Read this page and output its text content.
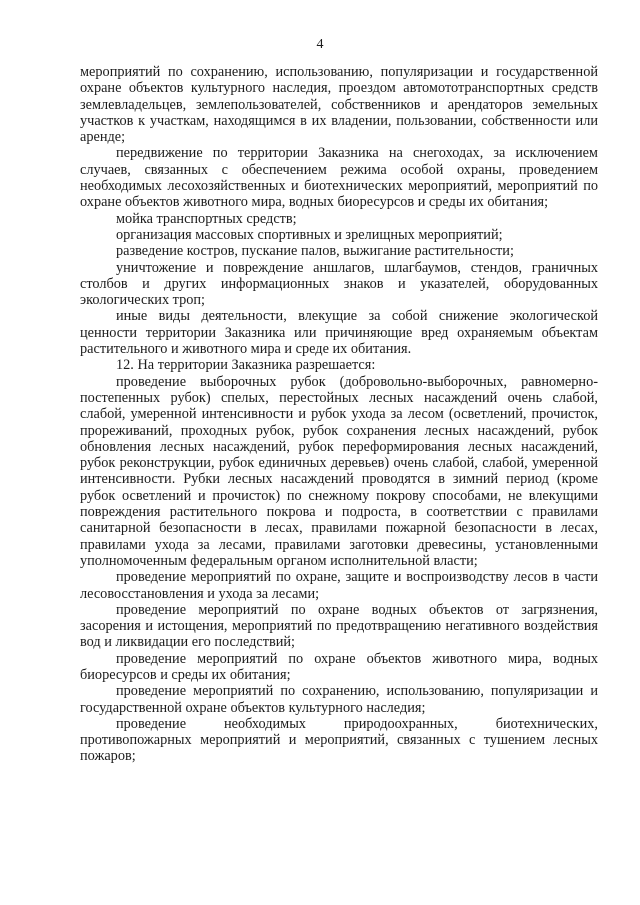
4

мероприятий по сохранению, использованию, популяризации и государственной охране объектов культурного наследия, проездом автомототранспортных средств землевладельцев, землепользователей, собственников и арендаторов земельных участков к участкам, находящимся в их владении, пользовании, собственности или аренде;

передвижение по территории Заказника на снегоходах, за исключением случаев, связанных с обеспечением режима особой охраны, проведением необходимых лесохозяйственных и биотехнических мероприятий, мероприятий по охране объектов животного мира, водных биоресурсов и среды их обитания;

мойка транспортных средств;

организация массовых спортивных и зрелищных мероприятий;

разведение костров, пускание палов, выжигание растительности;

уничтожение и повреждение аншлагов, шлагбаумов, стендов, граничных столбов и других информационных знаков и указателей, оборудованных экологических троп;

иные виды деятельности, влекущие за собой снижение экологической ценности территории Заказника или причиняющие вред охраняемым объектам растительного и животного мира и среде их обитания.

12. На территории Заказника разрешается:

проведение выборочных рубок (добровольно-выборочных, равномерно-постепенных рубок) спелых, перестойных лесных насаждений очень слабой, слабой, умеренной интенсивности и рубок ухода за лесом (осветлений, прочисток, прореживаний, проходных рубок, рубок сохранения лесных насаждений, рубок обновления лесных насаждений, рубок переформирования лесных насаждений, рубок реконструкции, рубок единичных деревьев) очень слабой, слабой, умеренной интенсивности. Рубки лесных насаждений проводятся в зимний период (кроме рубок осветлений и прочисток) по снежному покрову способами, не влекущими повреждения растительного покрова и подроста, в соответствии с правилами санитарной безопасности в лесах, правилами пожарной безопасности в лесах, правилами ухода за лесами, правилами заготовки древесины, установленными уполномоченным федеральным органом исполнительной власти;

проведение мероприятий по охране, защите и воспроизводству лесов в части лесовосстановления и ухода за лесами;

проведение мероприятий по охране водных объектов от загрязнения, засорения и истощения, мероприятий по предотвращению негативного воздействия вод и ликвидации его последствий;

проведение мероприятий по охране объектов животного мира, водных биоресурсов и среды их обитания;

проведение мероприятий по сохранению, использованию, популяризации и государственной охране объектов культурного наследия;

проведение необходимых природоохранных, биотехнических, противопожарных мероприятий и мероприятий, связанных с тушением лесных пожаров;
